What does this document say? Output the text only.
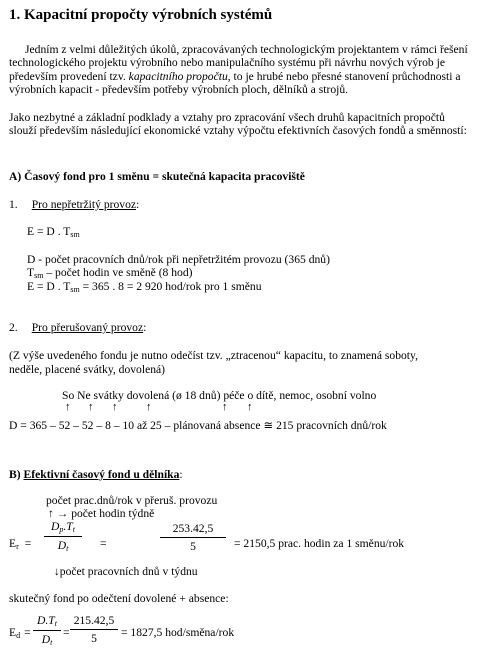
1. Kapacitní propočty výrobních systémů
Jedním z velmi důležitých úkolů, zpracovávaných technologickým projektantem v rámci řešení technologického projektu výrobního nebo manipulačního systému při návrhu nových výrob je především provedení tzv. kapacitního propočtu, to je hrubé nebo přesné stanovení průchodnosti a výrobních kapacit - především potřeby výrobních ploch, dělníků a strojů.
Jako nezbytné a základní podklady a vztahy pro zpracování všech druhů kapacitních propočtů slouží především následující ekonomické vztahy výpočtu efektivních časových fondů a směnností:
A) Časový fond pro 1 směnu = skutečná kapacita pracoviště
1. Pro nepřetržitý provoz:
E = D . $T_{sm}$
D - počet pracovních dnů/rok při nepřetržitém provozu (365 dnů)
$T_{sm}$ – počet hodin ve směně (8 hod)
E = D . $T_{sm} = 365$ . 8 = 2 920 hod/rok pro 1 směnu
2. Pro přerušovaný provoz:
(Z výše uvedeného fondu je nutno odečíst tzv. „ztracenou“ kapacitu, to znamená soboty,
neděle, placené svátky, dovolená)
So Ne svátky dovolená (ø 18 dnů) péče o dítě, nemoc, osobní volno
↑ ↑ ↑	↑	↑ ↑
D = 365 – 52 – 52 – 8 – 10 až 25 – plánovaná absence ≅ 215 pracovních dnů/rok
B) Efektivní časový fond u dělníka:
počet prac.dnů/rok v přeruš. provozu
↑ → počet hodin týdně
$E_r = \frac{D_p.T_t}{D_t}$ =	$\frac{253.42,5}{5} = 2150,5$ prac. hodin za 1 směnu/rok
↓počet pracovních dnů v týdnu
skutečný fond po odečtení dovolené + absence:
$E_d = \frac{D.T_t}{D_t} = \frac{215.42,5}{5} = 1827,5$ hod/směna/rok
